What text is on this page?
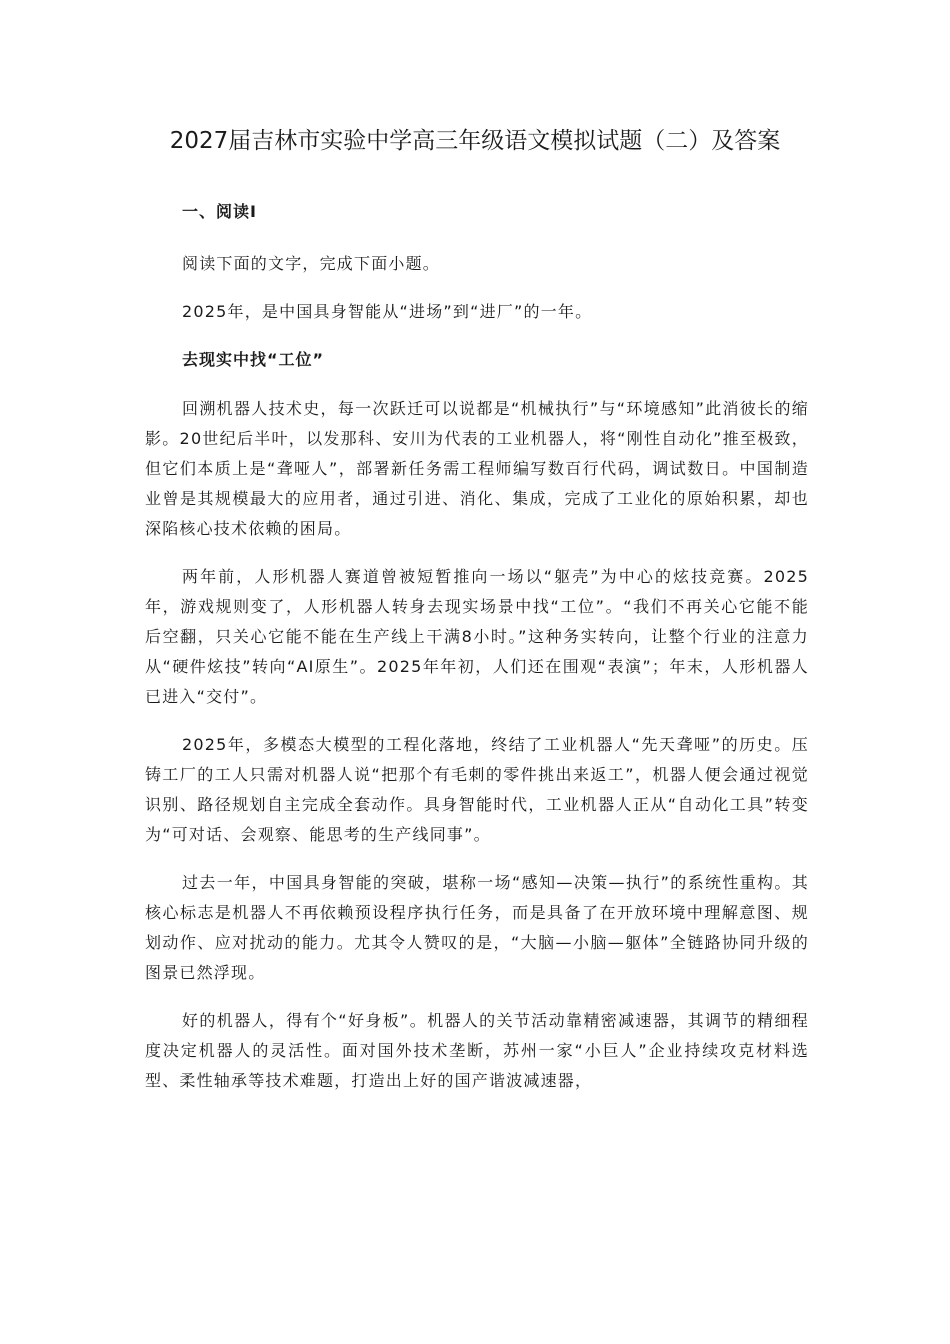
2027届吉林市实验中学高三年级语文模拟试题（二）及答案

一、阅读I

阅读下面的文字，完成下面小题。

2025年，是中国具身智能从“进场”到“进厂”的一年。

去现实中找“工位”

回溯机器人技术史，每一次跃迁可以说都是“机械执行”与“环境感知”此消彼长的缩影。20世纪后半叶，以发那科、安川为代表的工业机器人，将“刚性自动化”推至极致，但它们本质上是“聋哑人”，部署新任务需工程师编写数百行代码，调试数日。中国制造业曾是其规模最大的应用者，通过引进、消化、集成，完成了工业化的原始积累，却也深陷核心技术依赖的困局。

两年前，人形机器人赛道曾被短暂推向一场以“躯壳”为中心的炫技竞赛。2025年，游戏规则变了，人形机器人转身去现实场景中找“工位”。“我们不再关心它能不能后空翻，只关心它能不能在生产线上干满8小时。”这种务实转向，让整个行业的注意力从“硬件炫技”转向“AI原生”。2025年年初，人们还在围观“表演”；年末，人形机器人已进入“交付”。

2025年，多模态大模型的工程化落地，终结了工业机器人“先天聋哑”的历史。压铸工厂的工人只需对机器人说“把那个有毛刺的零件挑出来返工”，机器人便会通过视觉识别、路径规划自主完成全套动作。具身智能时代，工业机器人正从“自动化工具”转变为“可对话、会观察、能思考的生产线同事”。

过去一年，中国具身智能的突破，堪称一场“感知—决策—执行”的系统性重构。其核心标志是机器人不再依赖预设程序执行任务，而是具备了在开放环境中理解意图、规划动作、应对扰动的能力。尤其令人赞叹的是，“大脑—小脑—躯体”全链路协同升级的图景已然浮现。

好的机器人，得有个“好身板”。机器人的关节活动靠精密减速器，其调节的精细程度决定机器人的灵活性。面对国外技术垄断，苏州一家“小巨人”企业持续攻克材料选型、柔性轴承等技术难题，打造出上好的国产谐波减速器，
